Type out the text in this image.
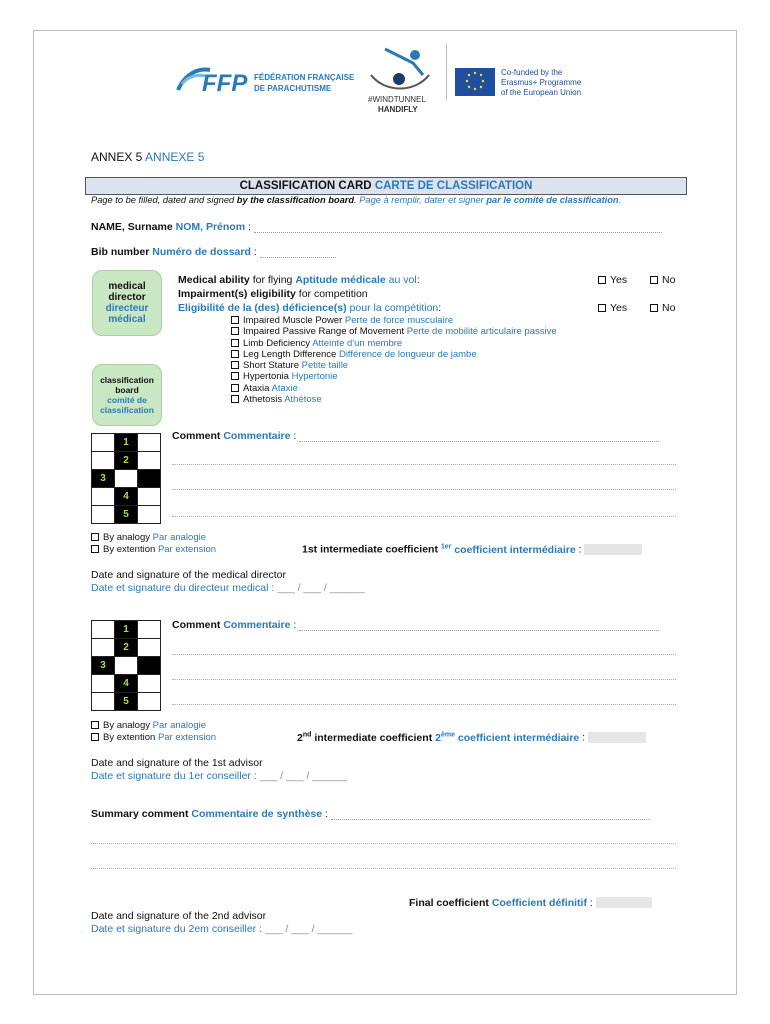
FFP FÉDÉRATION FRANÇAISE
DE PARACHUTISME
#WINDTUNNEL
HANDIFLY
Co-funded by the
Erasmus+ Programme
of the European Union
ANNEX 5 ANNEXE 5
CLASSIFICATION CARD CARTE DE CLASSIFICATION
Page to be filled, dated and signed by the classification board. Page à remplir, dater et signer par le comité de classification.
NAME, Surname NOM, Prénom :
Bib number Numéro de dossard :
medical
director
directeur
médical
classification
board
comité de
classification
Medical ability for flying Aptitude médicale au vol:	Yes	No
Impairment(s) eligibility for competition
Eligibilité de la (des) déficience(s) pour la compétition:	Yes	No
Impaired Muscle Power Perte de force musculaire
Impaired Passive Range of Movement Perte de mobilité articulaire passive
Limb Deficiency Atteinte d'un membre
Leg Length Difference Différence de longueur de jambe
Short Stature Petite taille
Hypertonia Hypertonie
Ataxia Ataxie
Athetosis Athétose
	1	
	2	
3		
	4	
	5	
Comment Commentaire :
By analogy Par analogie
By extention Par extension	1st intermediate coefficient $^{1er}$ coefficient intermédiaire :
Date and signature of the medical director
Date et signature du directeur medical : ___ / ___ / ______
	1	
	2	
3		
	4	
	5	
Comment Commentaire :
By analogy Par analogie
By extention Par extension	2nd intermediate coefficient 2ème coefficient intermédiaire :
Date and signature of the 1st advisor
Date et signature du 1er conseiller : ___ / ___ / ______
Summary comment Commentaire de synthèse :
Final coefficient Coefficient définitif :
Date and signature of the 2nd advisor
Date et signature du 2em conseiller : ___ / ___ / ______
